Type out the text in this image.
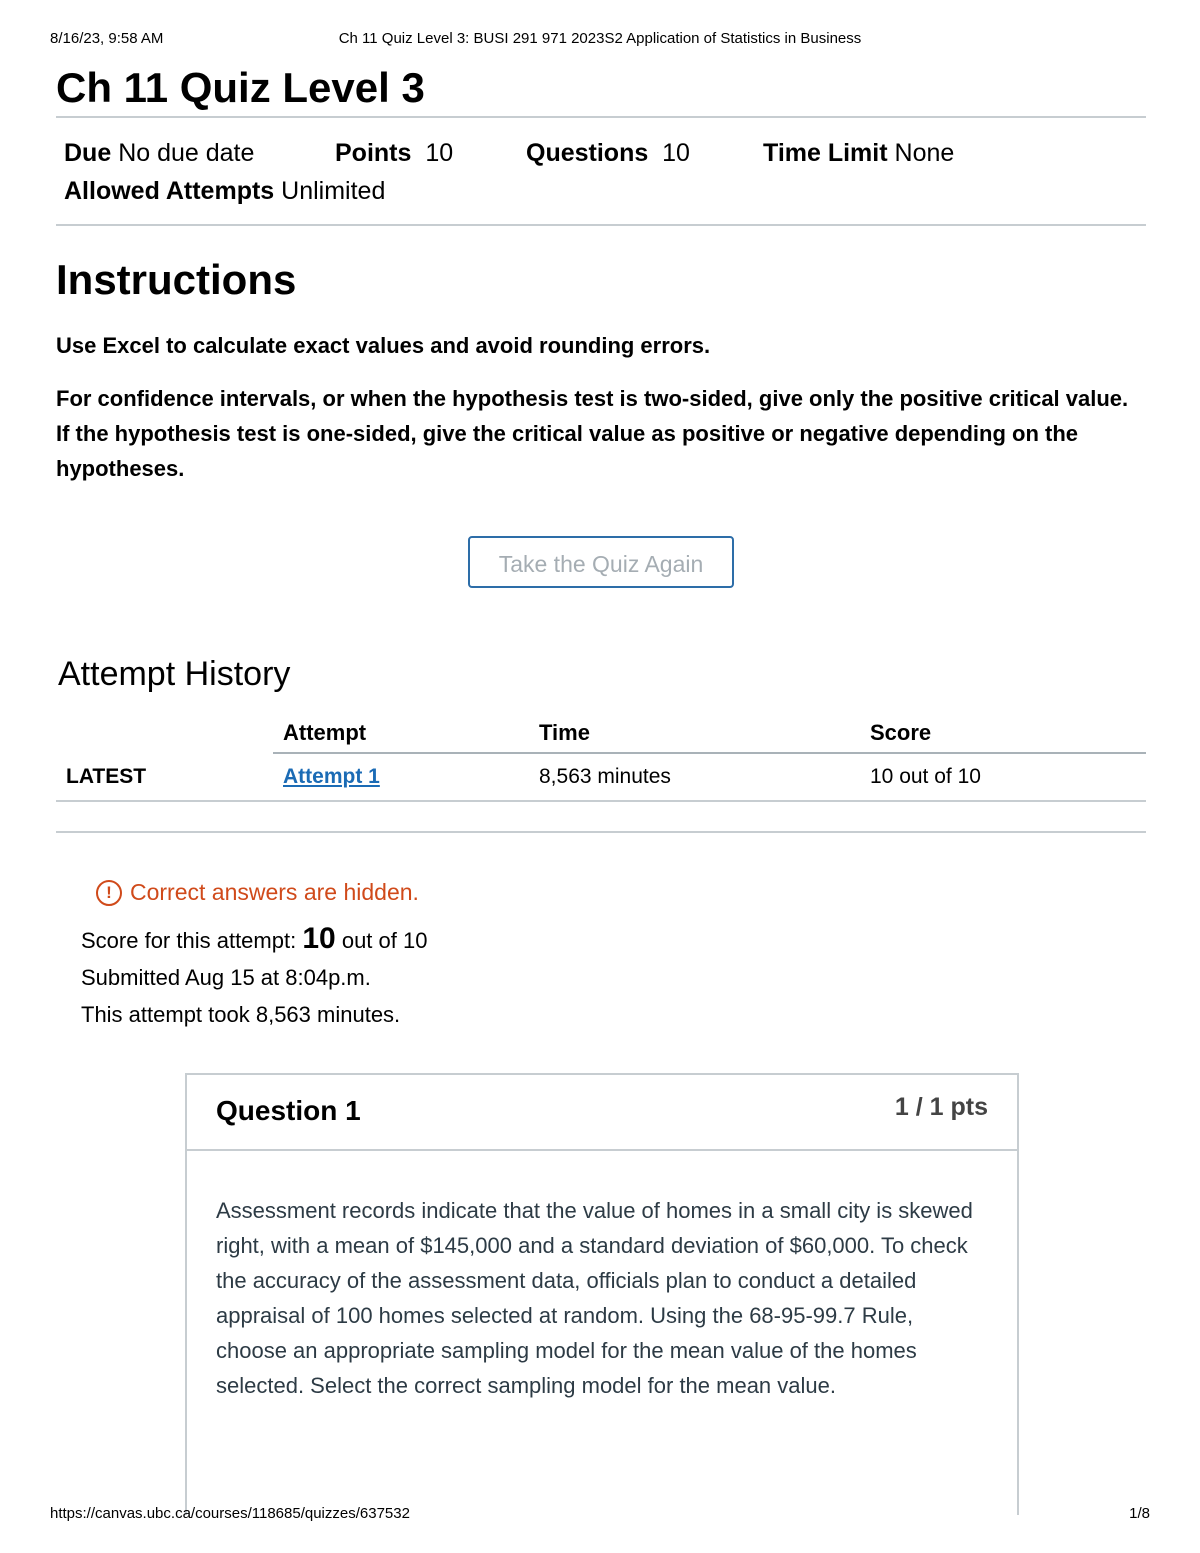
8/16/23, 9:58 AM	Ch 11 Quiz Level 3: BUSI 291 971 2023S2 Application of Statistics in Business
Ch 11 Quiz Level 3
Due No due date	Points 10	Questions 10	Time Limit None
Allowed Attempts Unlimited
Instructions

Use Excel to calculate exact values and avoid rounding errors.

For confidence intervals, or when the hypothesis test is two-sided, give only the positive critical value. If the hypothesis test is one-sided, give the critical value as positive or negative depending on the hypotheses.

Take the Quiz Again
Attempt History
	Attempt	Time	Score
LATEST	Attempt 1	8,563 minutes	10 out of 10
! Correct answers are hidden.
Score for this attempt: 10 out of 10
Submitted Aug 15 at 8:04p.m.
This attempt took 8,563 minutes.
Question 1	1 / 1 pts
Assessment records indicate that the value of homes in a small city is skewed right, with a mean of $145,000 and a standard deviation of $60,000. To check the accuracy of the assessment data, officials plan to conduct a detailed appraisal of 100 homes selected at random. Using the 68-95-99.7 Rule, choose an appropriate sampling model for the mean value of the homes selected. Select the correct sampling model for the mean value.
https://canvas.ubc.ca/courses/118685/quizzes/637532	1/8
